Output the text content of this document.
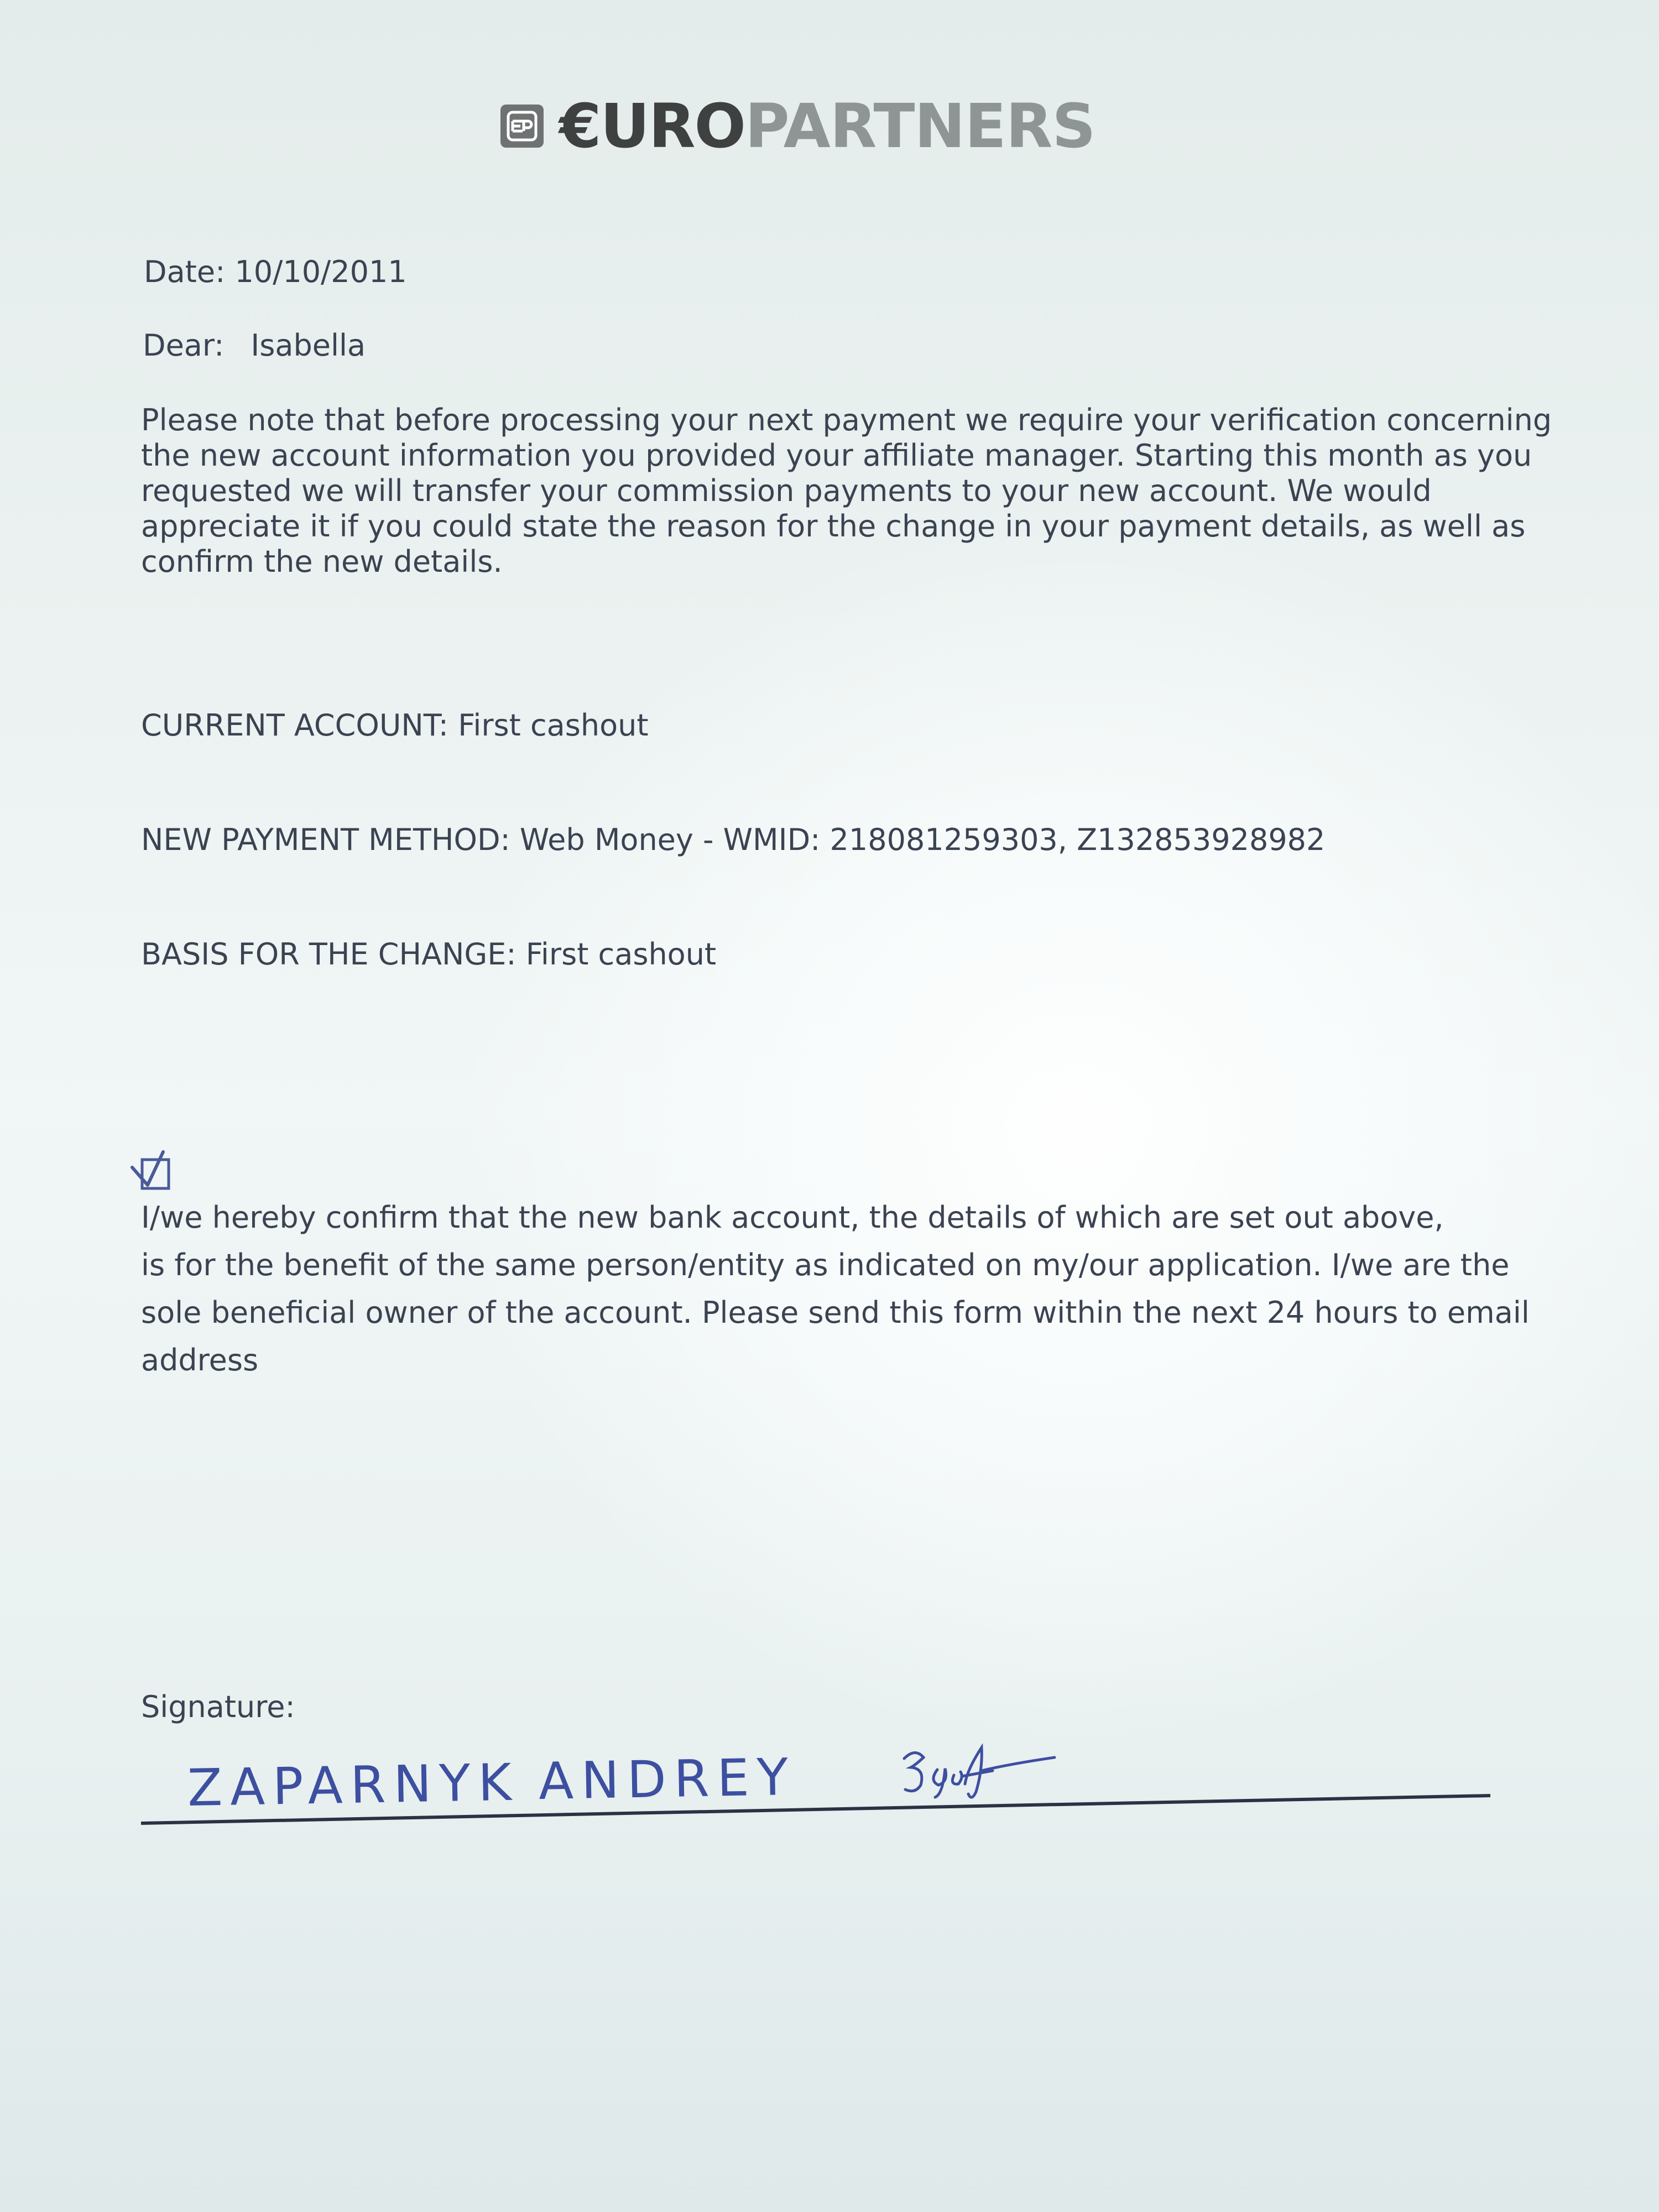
€URO PARTNERS
Date: 10/10/2011
Dear: Isabella
Please note that before processing your next payment we require your verification concerning
the new account information you provided your affiliate manager. Starting this month as you
requested we will transfer your commission payments to your new account. We would
appreciate it if you could state the reason for the change in your payment details, as well as
confirm the new details.
CURRENT ACCOUNT: First cashout
NEW PAYMENT METHOD: Web Money - WMID: 218081259303, Z132853928982
BASIS FOR THE CHANGE: First cashout
I/we hereby confirm that the new bank account, the details of which are set out above,
is for the benefit of the same person/entity as indicated on my/our application. I/we are the
sole beneficial owner of the account. Please send this form within the next 24 hours to email
address
Signature:
ZAPARNYK ANDREY
